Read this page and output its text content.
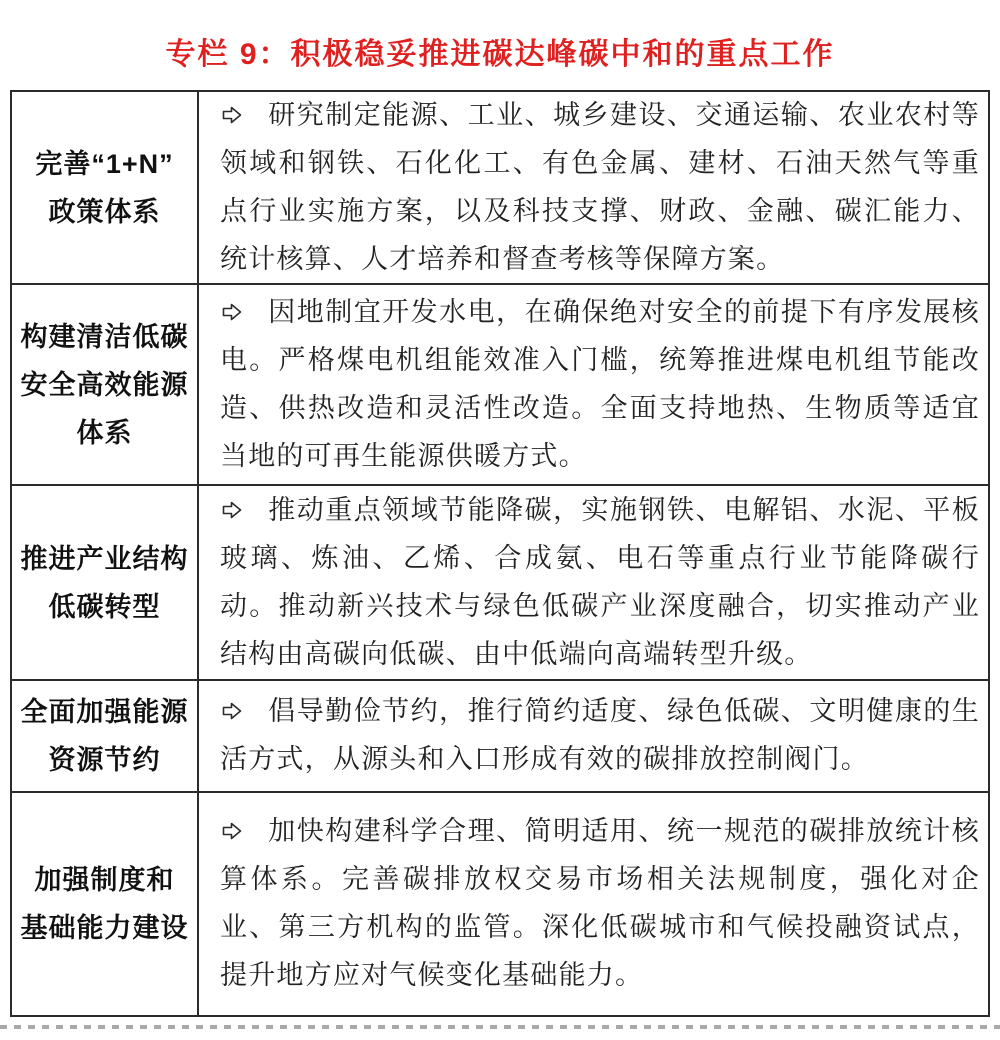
专栏 9：积极稳妥推进碳达峰碳中和的重点工作
完善“1+N”
政策体系
研究制定能源、工业、城乡建设、交通运输、农业农村等领域和钢铁、石化化工、有色金属、建材、石油天然气等重点行业实施方案，以及科技支撑、财政、金融、碳汇能力、统计核算、人才培养和督查考核等保障方案。
构建清洁低碳
安全高效能源
体系
因地制宜开发水电，在确保绝对安全的前提下有序发展核电。严格煤电机组能效准入门槛，统筹推进煤电机组节能改造、供热改造和灵活性改造。全面支持地热、生物质等适宜当地的可再生能源供暖方式。
推进产业结构
低碳转型
推动重点领域节能降碳，实施钢铁、电解铝、水泥、平板玻璃、炼油、乙烯、合成氨、电石等重点行业节能降碳行动。推动新兴技术与绿色低碳产业深度融合，切实推动产业结构由高碳向低碳、由中低端向高端转型升级。
全面加强能源
资源节约
倡导勤俭节约，推行简约适度、绿色低碳、文明健康的生活方式，从源头和入口形成有效的碳排放控制阀门。
加强制度和
基础能力建设
加快构建科学合理、简明适用、统一规范的碳排放统计核算体系。完善碳排放权交易市场相关法规制度，强化对企业、第三方机构的监管。深化低碳城市和气候投融资试点，提升地方应对气候变化基础能力。
